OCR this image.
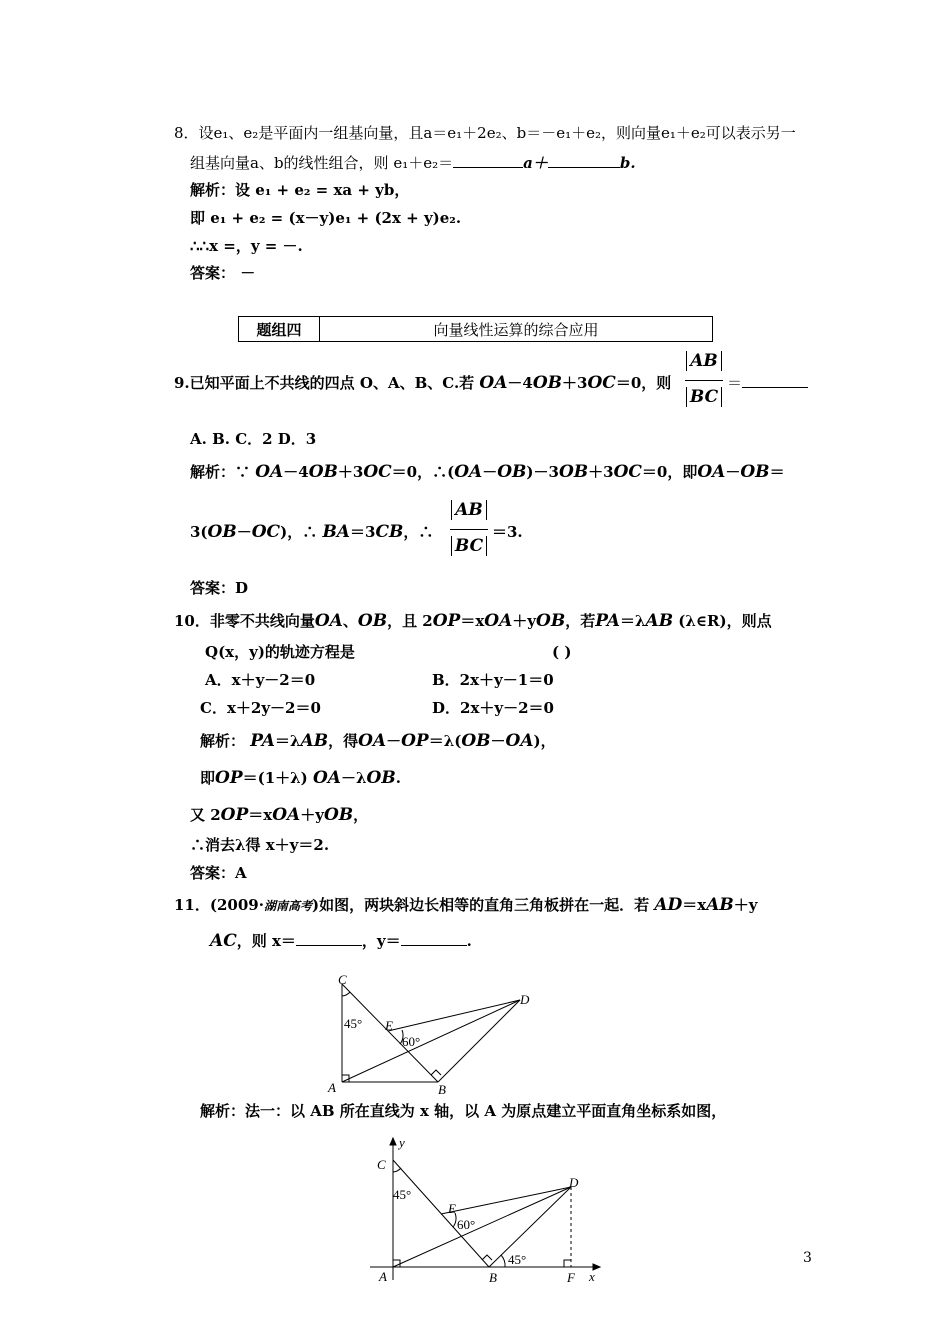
8．设e₁、e₂是平面内一组基向量，且a＝e₁＋2e₂、b＝－e₁＋e₂，则向量e₁＋e₂可以表示另一
组基向量a、b的线性组合，则 e₁＋e₂＝	a＋	b.
解析：设 e₁ + e₂ = xa + yb，
即 e₁ + e₂ = (x－y)e₁ + (2x + y)e₂.
∴∴x =，y = －.
答案： －
题组四	向量线性运算的综合应用
9.已知平面上不共线的四点 O、A、B、C.若 OA－4OB＋3OC＝0，则
AB
BC
＝
A. B. C．2 D．3
解析：∵ OA－4OB＋3OC＝0，∴(OA－OB)－3OB＋3OC＝0，即OA－OB＝
3(OB－OC)，∴ BA＝3CB，∴
AB
BC
＝3.
答案：D
10．非零不共线向量OA、OB，且 2OP＝xOA＋yOB，若PA＝λAB (λ∈R)，则点
Q(x，y)的轨迹方程是	( )
A．x＋y－2＝0	B．2x＋y－1＝0
C．x＋2y－2＝0	D．2x＋y－2＝0
解析： PA＝λAB，得OA－OP＝λ(OB－OA)，
即OP＝(1＋λ) OA－λOB.
又 2OP＝xOA＋yOB，
∴消去λ得 x＋y＝2.
答案：A
11．(2009·湖南高考)如图，两块斜边长相等的直角三角板拼在一起．若 AD＝xAB＋y
AC，则 x＝	，y＝	.
C
A	B
D
E
45°
60°
解析：法一：以 AB 所在直线为 x 轴，以 A 为原点建立平面直角坐标系如图，
C
y
A	B	F x
D
E
45°
45°
60°
3
